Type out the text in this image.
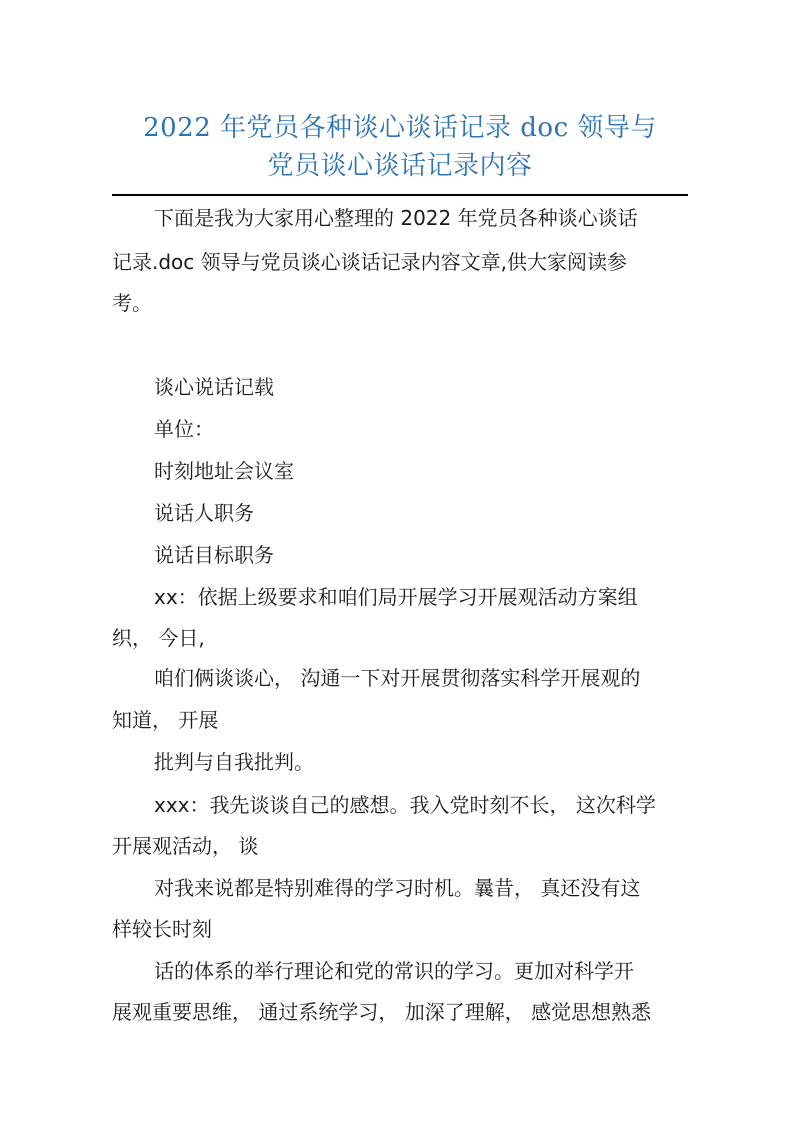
2022 年党员各种谈心谈话记录 doc 领导与
党员谈心谈话记录内容
下面是我为大家用心整理的 2022 年党员各种谈心谈话
记录.doc 领导与党员谈心谈话记录内容文章,供大家阅读参
考。
谈心说话记载
单位：
时刻地址会议室
说话人职务
说话目标职务
xx：依据上级要求和咱们局开展学习开展观活动方案组
织， 今日,
咱们俩谈谈心， 沟通一下对开展贯彻落实科学开展观的
知道， 开展
批判与自我批判。
xxx：我先谈谈自己的感想。我入党时刻不长， 这次科学
开展观活动， 谈
对我来说都是特别难得的学习时机。曩昔， 真还没有这
样较长时刻
话的体系的举行理论和党的常识的学习。更加对科学开
展观重要思维， 通过系统学习， 加深了理解， 感觉思想熟悉
